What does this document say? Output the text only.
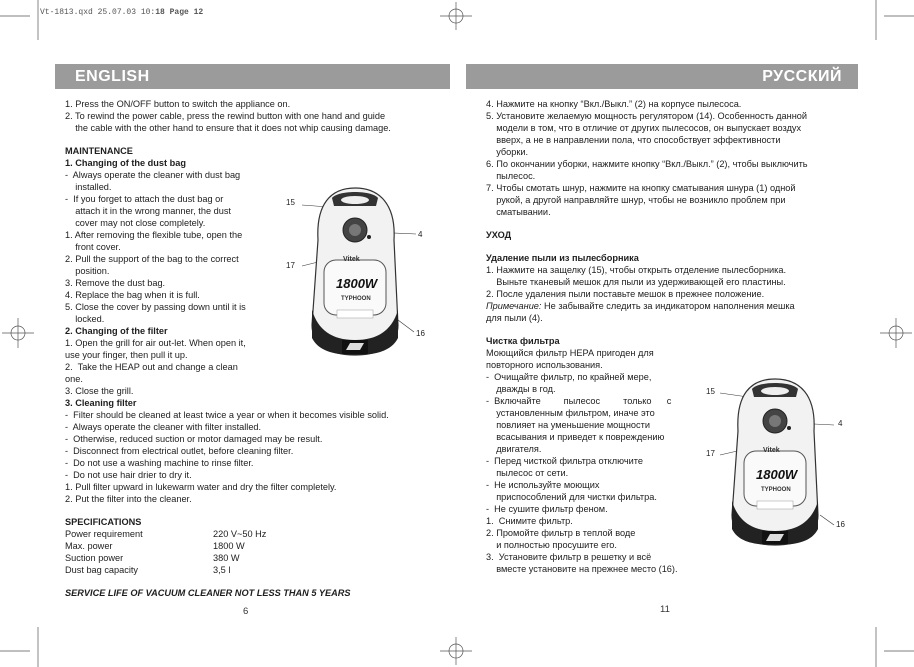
Vt-1813.qxd 25.07.03 10:18 Page 12
ENGLISH	РУССКИЙ
1. Press the ON/OFF button to switch the appliance on.
2. To rewind the power cable, press the rewind button with one hand and guide
the cable with the other hand to ensure that it does not whip causing damage.
MAINTENANCE
1. Changing of the dust bag
-  Always operate the cleaner with dust bag
installed.
-  If you forget to attach the dust bag or
attach it in the wrong manner, the dust
cover may not close completely.
1. After removing the flexible tube, open the
front cover.
2. Pull the support of the bag to the correct
position.
3. Remove the dust bag.
4. Replace the bag when it is full.
5. Close the cover by passing down until it is
locked.
2. Changing of the filter
1. Open the grill for air out-let. When open it,
use your finger, then pull it up.
2.  Take the HEAP out and change a clean
one.
3. Close the grill.
3. Cleaning filter
-  Filter should be cleaned at least twice a year or when it becomes visible solid.
-  Always operate the cleaner with filter installed.
-  Otherwise, reduced suction or motor damaged may be result.
-  Disconnect from electrical outlet, before cleaning filter.
-  Do not use a washing machine to rinse filter.
-  Do not use hair drier to dry it.
1. Pull filter upward in lukewarm water and dry the filter completely.
2. Put the filter into the cleaner.
SPECIFICATIONS
Power requirement	220 V~50 Hz
Max. power	1800 W
Suction power	380 W
Dust bag capacity	3,5 l
SERVICE LIFE OF VACUUM CLEANER NOT LESS THAN 5 YEARS
6
15
4
17
16
Vitek
1800W
TYPHOON
4. Нажмите на кнопку “Вкл./Выкл.” (2) на корпусе пылесоса.
5. Установите желаемую мощность регулятором (14). Особенность данной
модели в том, что в отличие от других пылесосов, он выпускает воздух
вверх, а не в направлении пола, что способствует эффективности
уборки.
6. По окончании уборки, нажмите кнопку “Вкл./Выкл.” (2), чтобы выключить
пылесос.
7. Чтобы смотать шнур, нажмите на кнопку сматывания шнура (1) одной
рукой, а другой направляйте шнур, чтобы не возникло проблем при
сматывании.
УХОД
Удаление пыли из пылесборника
1. Нажмите на защелку (15), чтобы открыть отделение пылесборника.
Выньте тканевый мешок для пыли из удерживающей его пластины.
2. После удаления пыли поставьте мешок в прежнее положение.
Примечание: Не забывайте следить за индикатором наполнения мешка
для пыли (4).
Чистка фильтра
Моющийся фильтр НЕРА пригоден для
повторного использования.
-  Очищайте фильтр, по крайней мере,
дважды в год.
-  Включайте         пылесос         только      с
установленным фильтром, иначе это
повлияет на уменьшение мощности
всасывания и приведет к повреждению
двигателя.
-  Перед чисткой фильтра отключите
пылесос от сети.
-  Не используйте моющих
приспособлений для чистки фильтра.
-  Не сушите фильтр феном.
1.  Снимите фильтр.
2. Промойте фильтр в теплой воде
и полностью просушите его.
3.  Установите фильтр в решетку и всё
вместе установите на прежнее место (16).
11
15
4
17
16
Vitek
1800W
TYPHOON
